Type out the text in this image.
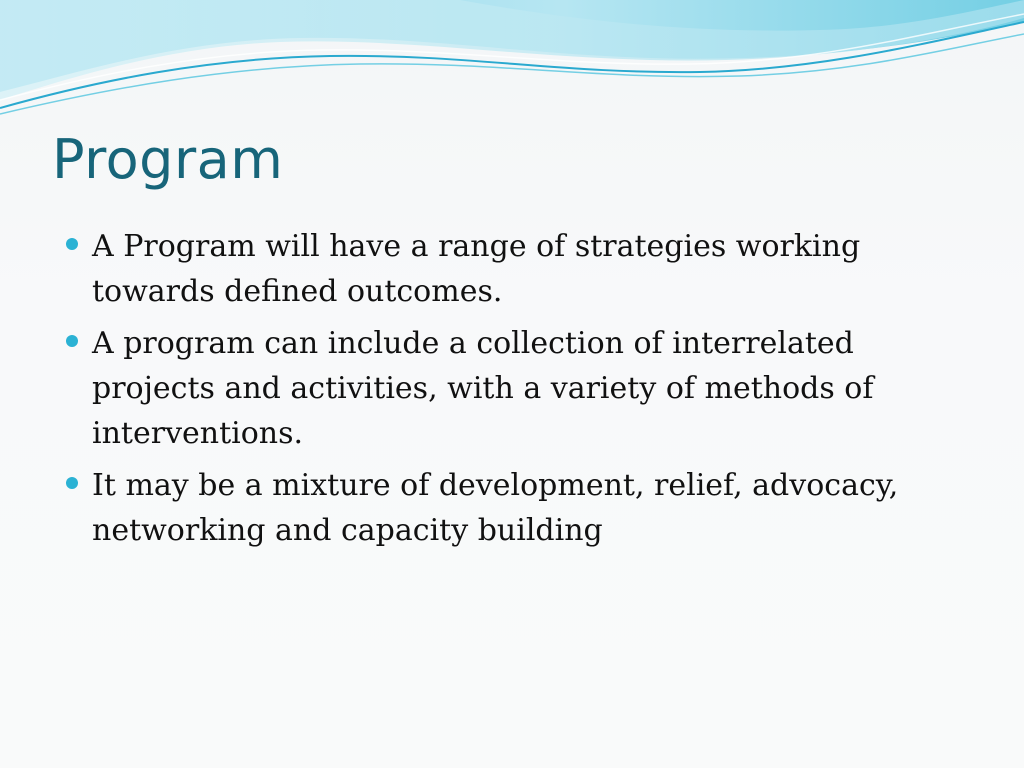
Program
A Program will have a range of strategies working towards defined outcomes.
A program can include a collection of interrelated projects and activities, with a variety of methods of interventions.
It may be a mixture of development, relief, advocacy, networking and capacity building
